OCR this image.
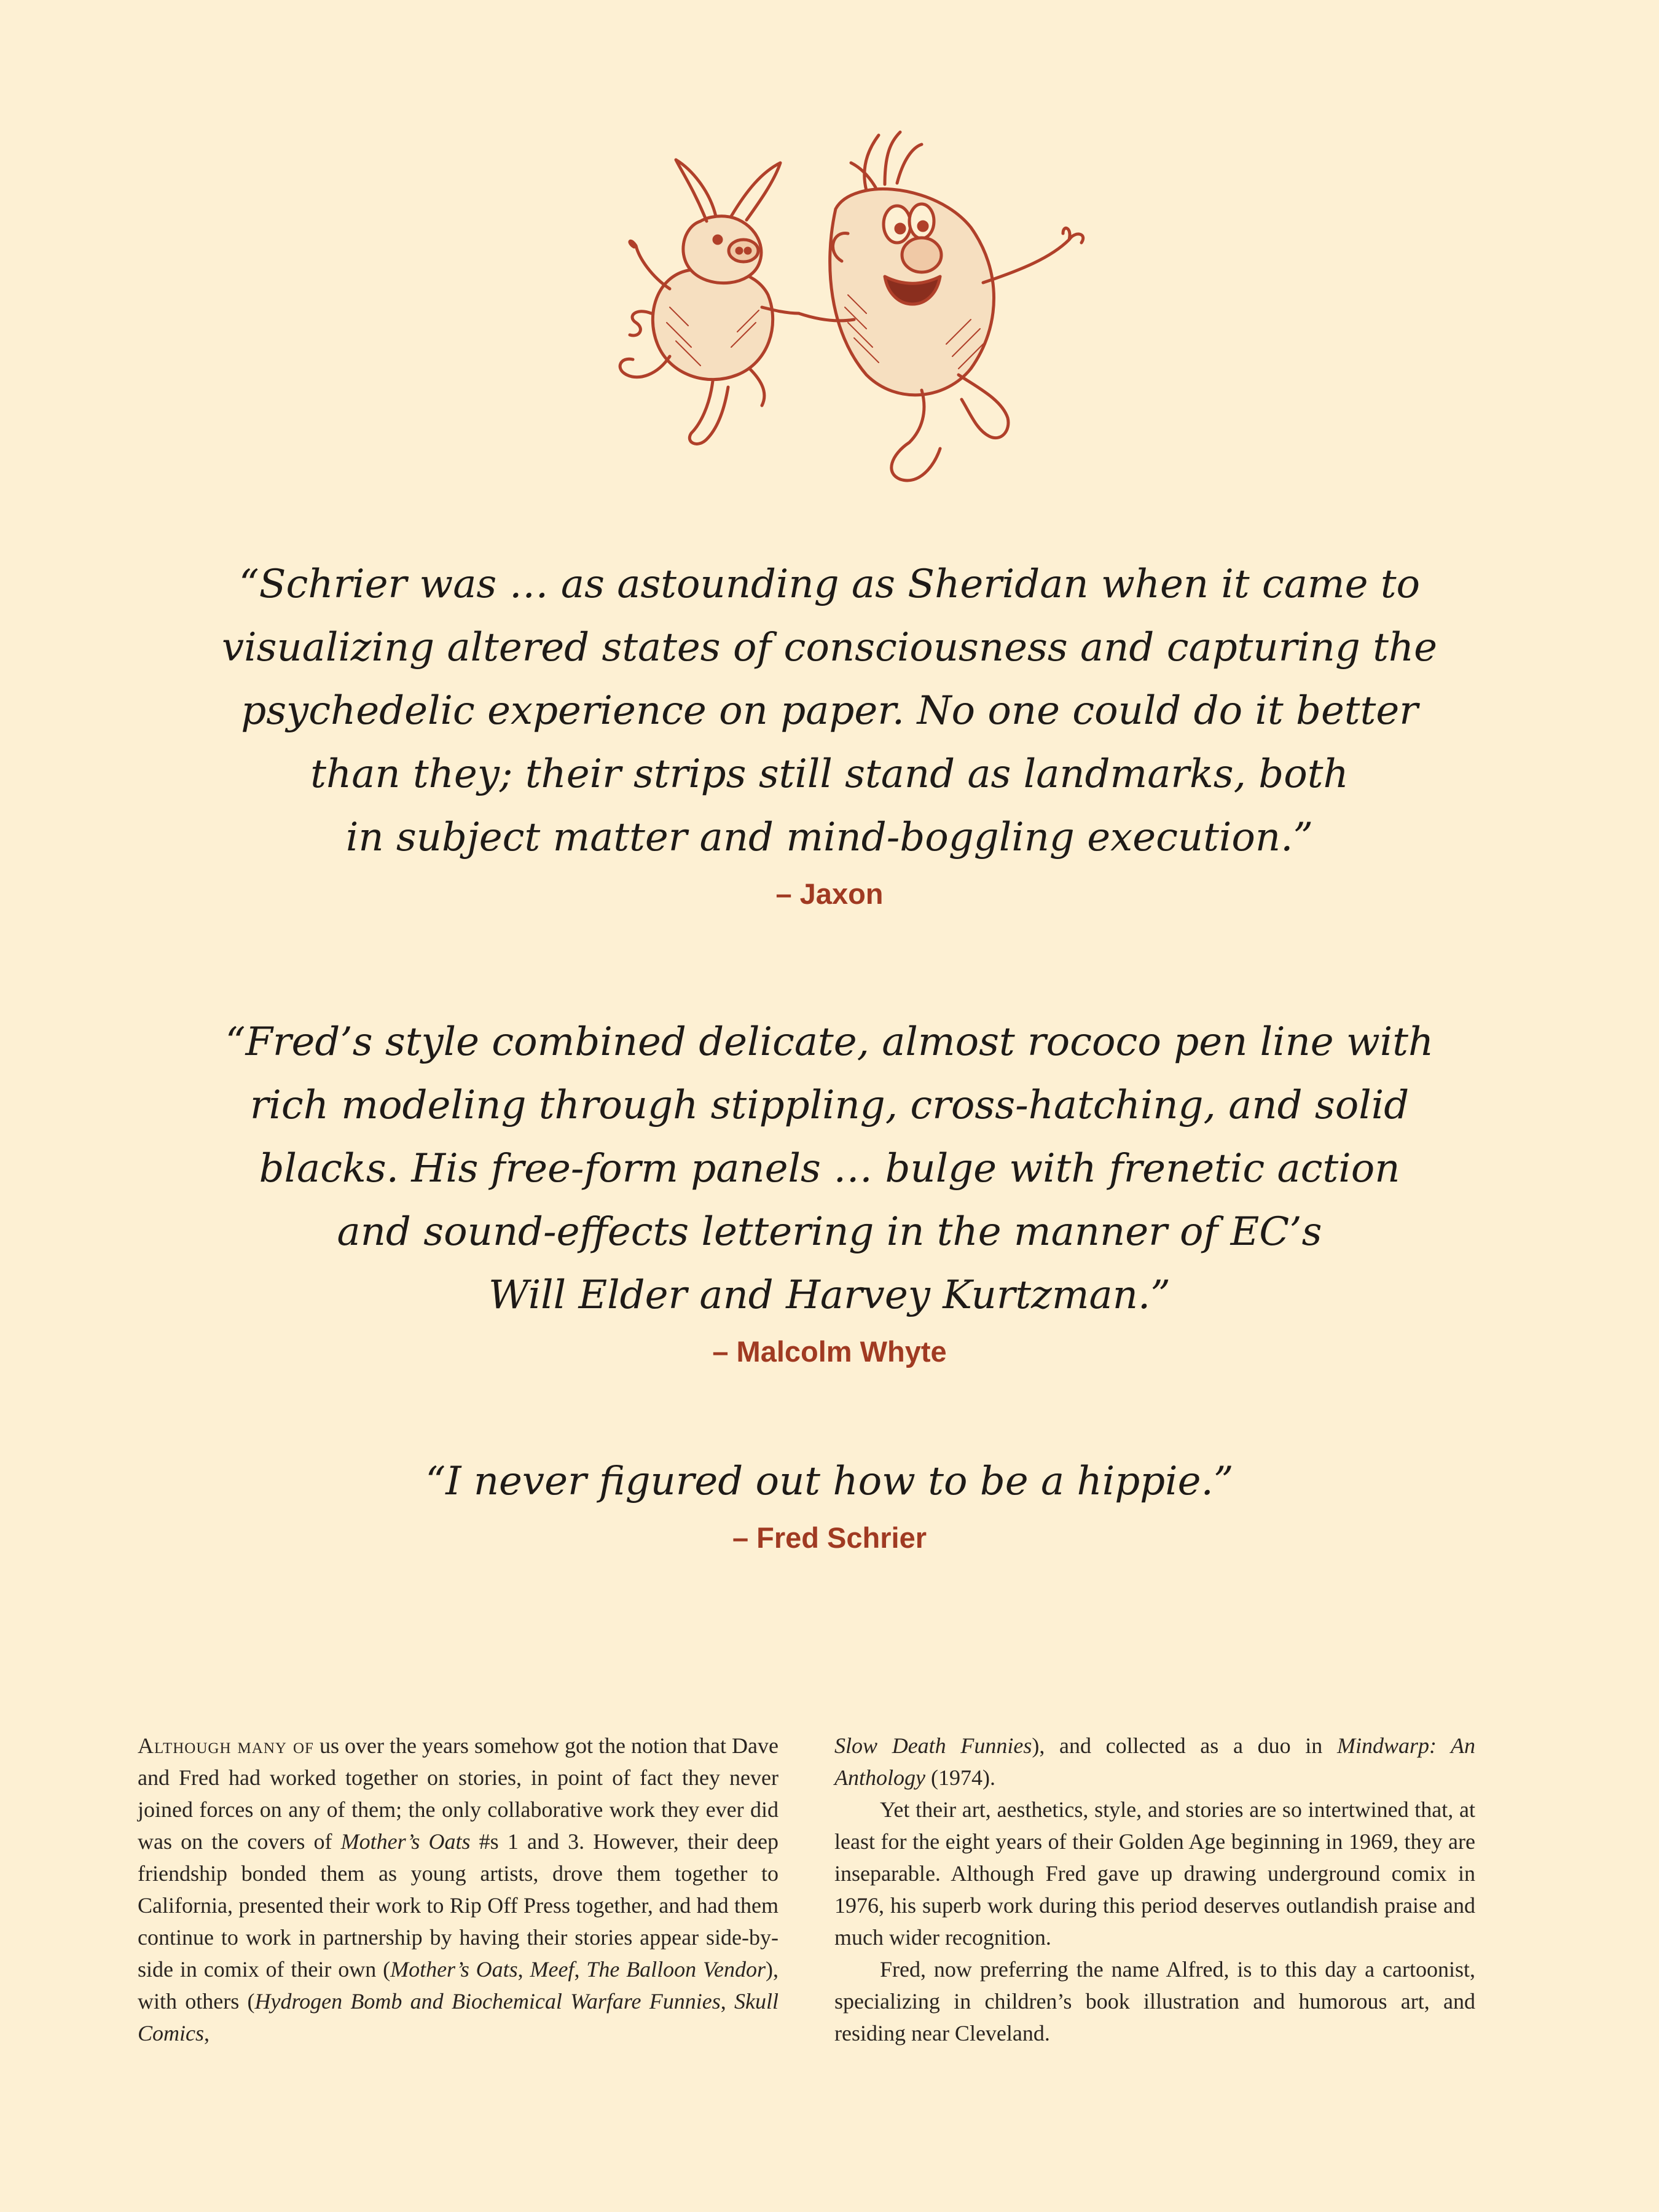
“Schrier was … as astounding as Sheridan when it came to
visualizing altered states of consciousness and capturing the
psychedelic experience on paper. No one could do it better
than they; their strips still stand as landmarks, both
in subject matter and mind-boggling execution.”

– Jaxon

“Fred’s style combined delicate, almost rococo pen line with
rich modeling through stippling, cross-hatching, and solid
blacks. His free-form panels … bulge with frenetic action
and sound-effects lettering in the manner of EC’s
Will Elder and Harvey Kurtzman.”

– Malcolm Whyte

“I never figured out how to be a hippie.”

– Fred Schrier

Although many of us over the years somehow got the notion that Dave and Fred had worked together on stories, in point of fact they never joined forces on any of them; the only collaborative work they ever did was on the covers of Mother’s Oats #s 1 and 3. However, their deep friendship bonded them as young artists, drove them together to California, presented their work to Rip Off Press together, and had them continue to work in partnership by having their stories appear side-by-side in comix of their own (Mother’s Oats, Meef, The Balloon Vendor), with others (Hydrogen Bomb and Biochemical Warfare Funnies, Skull Comics,

Slow Death Funnies), and collected as a duo in Mindwarp: An Anthology (1974).

Yet their art, aesthetics, style, and stories are so intertwined that, at least for the eight years of their Golden Age beginning in 1969, they are inseparable. Although Fred gave up drawing underground comix in 1976, his superb work during this period deserves outlandish praise and much wider recognition.

Fred, now preferring the name Alfred, is to this day a cartoonist, specializing in children’s book illustration and humorous art, and residing near Cleveland.
